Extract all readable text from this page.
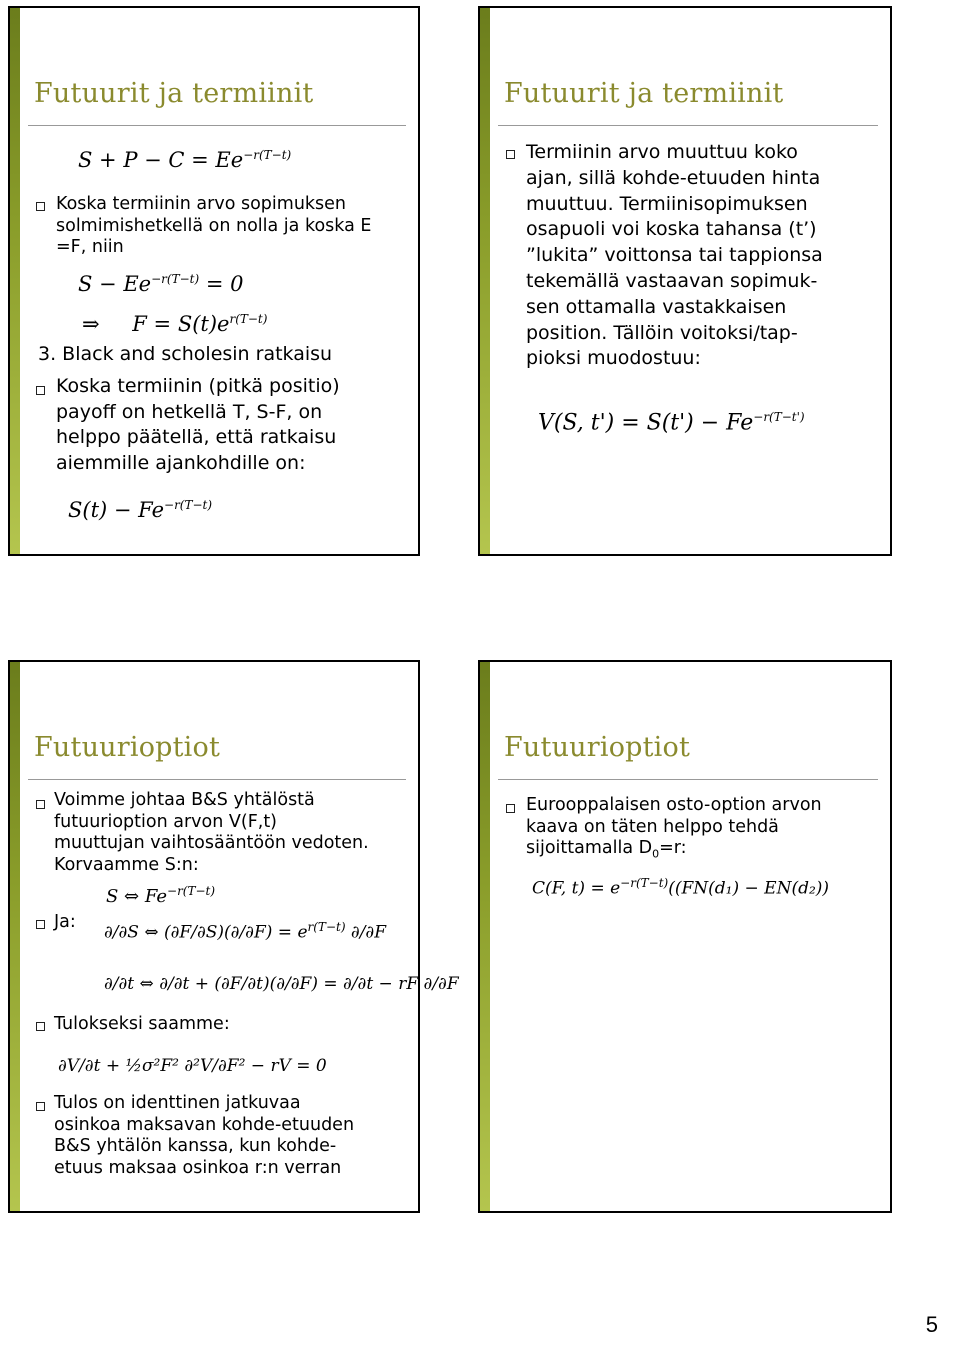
Futuurit ja termiinit
$S + P - C = Ee^{-r(T-t)}$
Koska termiinin arvo sopimuksen
solmimishetkellä on nolla ja koska E
=F, niin
$S - Ee^{-r(T-t)} = 0$
⇒ $F = S(t)e^{r(T-t)}$
3. Black and scholesin ratkaisu
Koska termiinin (pitkä positio)
payoff on hetkellä T, S-F, on
helppo päätellä, että ratkaisu
aiemmille ajankohdille on:
$S(t) - Fe^{-r(T-t)}$
Futuurit ja termiinit
Termiinin arvo muuttuu koko
ajan, sillä kohde-etuuden hinta
muuttuu. Termiinisopimuksen
osapuoli voi koska tahansa (t’)
”lukita” voittonsa tai tappionsa
tekemällä vastaavan sopimuk-
sen ottamalla vastakkaisen
position. Tällöin voitoksi/tap-
pioksi muodostuu:
V(S, $t') = S(t') - Fe^{-r(T-t')}$
Futuurioptiot
Voimme johtaa B&S yhtälöstä
futuurioption arvon V(F,t)
muuttujan vaihtosääntöön vedoten.
Korvaamme S:n:
S ⇔ $Fe^{-r(T-t)}$
Ja:
∂/∂S ⇔ $(\partial F/\partial S)(\partial/\partial F) = e^{r(T-t)}$ ∂/∂F
∂/∂t ⇔ ∂/∂t + (∂F/∂t)(∂/∂F) = ∂/∂t − rF ∂/∂F
Tulokseksi saamme:
∂V/∂t + ½σ²F² ∂²V/∂F² − rV = 0
Tulos on identtinen jatkuvaa
osinkoa maksavan kohde-etuuden
B&S yhtälön kanssa, kun kohde-
etuus maksaa osinkoa r:n verran
Futuurioptiot
Eurooppalaisen osto-option arvon
kaava on täten helppo tehdä
sijoittamalla $D_0=r$:
C(F, $t) = e^{-r(T-t)}((FN(d_1) - EN(d_2))$
5
